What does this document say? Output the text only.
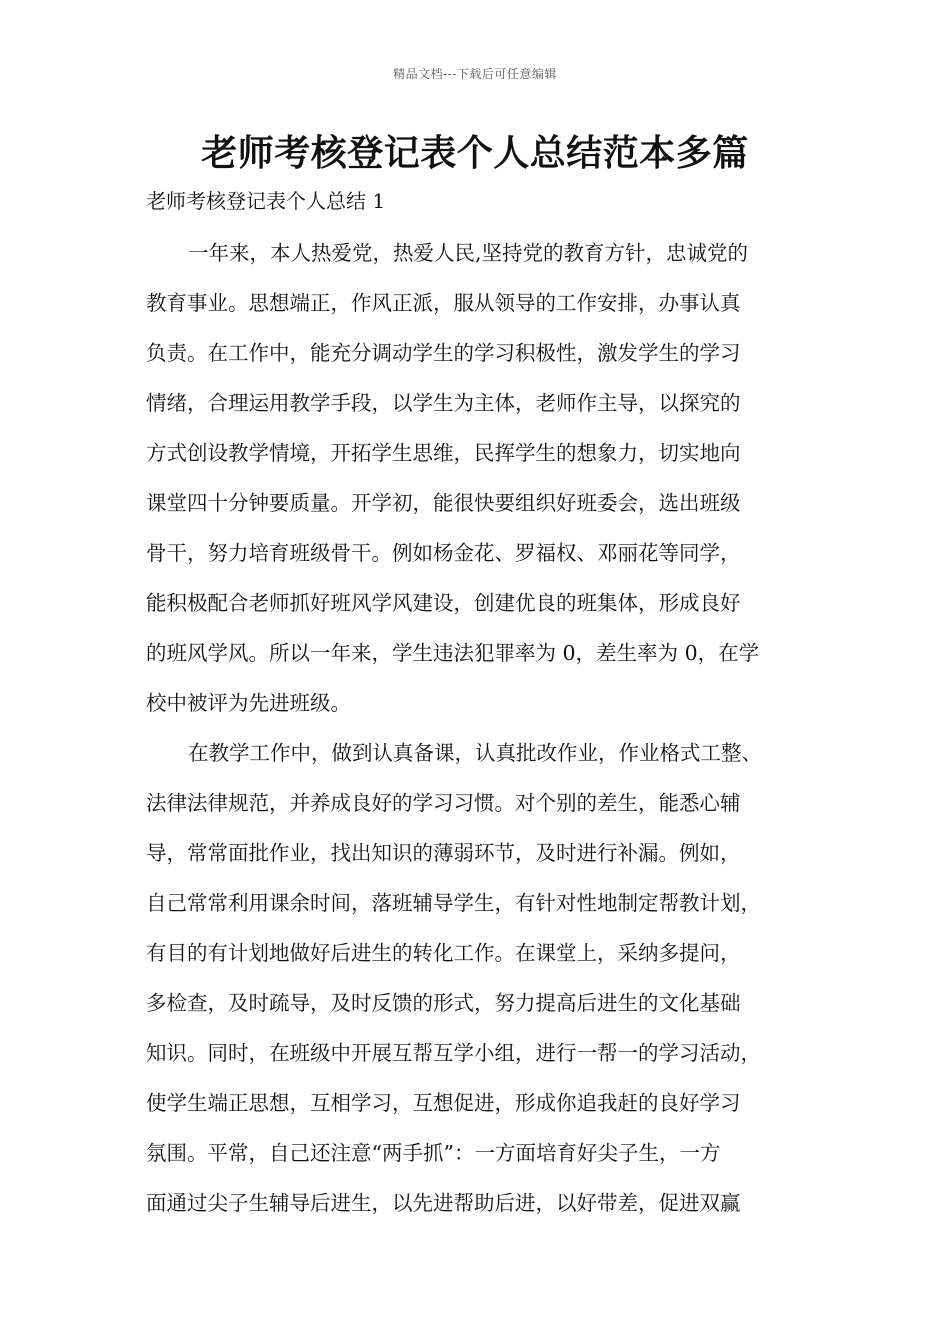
精品文档---下载后可任意编辑
老师考核登记表个人总结范本多篇
老师考核登记表个人总结 1
一年来，本人热爱党，热爱人民,坚持党的教育方针，忠诚党的
教育事业。思想端正，作风正派，服从领导的工作安排，办事认真
负责。在工作中，能充分调动学生的学习积极性，激发学生的学习
情绪，合理运用教学手段，以学生为主体，老师作主导，以探究的
方式创设教学情境，开拓学生思维，民挥学生的想象力，切实地向
课堂四十分钟要质量。开学初，能很快要组织好班委会，选出班级
骨干，努力培育班级骨干。例如杨金花、罗福权、邓丽花等同学，
能积极配合老师抓好班风学风建设，创建优良的班集体，形成良好
的班风学风。所以一年来，学生违法犯罪率为 0，差生率为 0，在学
校中被评为先进班级。
在教学工作中，做到认真备课，认真批改作业，作业格式工整、
法律法律规范，并养成良好的学习习惯。对个别的差生，能悉心辅
导，常常面批作业，找出知识的薄弱环节，及时进行补漏。例如，
自己常常利用课余时间，落班辅导学生，有针对性地制定帮教计划，
有目的有计划地做好后进生的转化工作。在课堂上，采纳多提问，
多检查，及时疏导，及时反馈的形式，努力提高后进生的文化基础
知识。同时，在班级中开展互帮互学小组，进行一帮一的学习活动，
使学生端正思想，互相学习，互想促进，形成你追我赶的良好学习
氛围。平常，自己还注意“两手抓”：一方面培育好尖子生，一方
面通过尖子生辅导后进生，以先进帮助后进，以好带差，促进双赢
